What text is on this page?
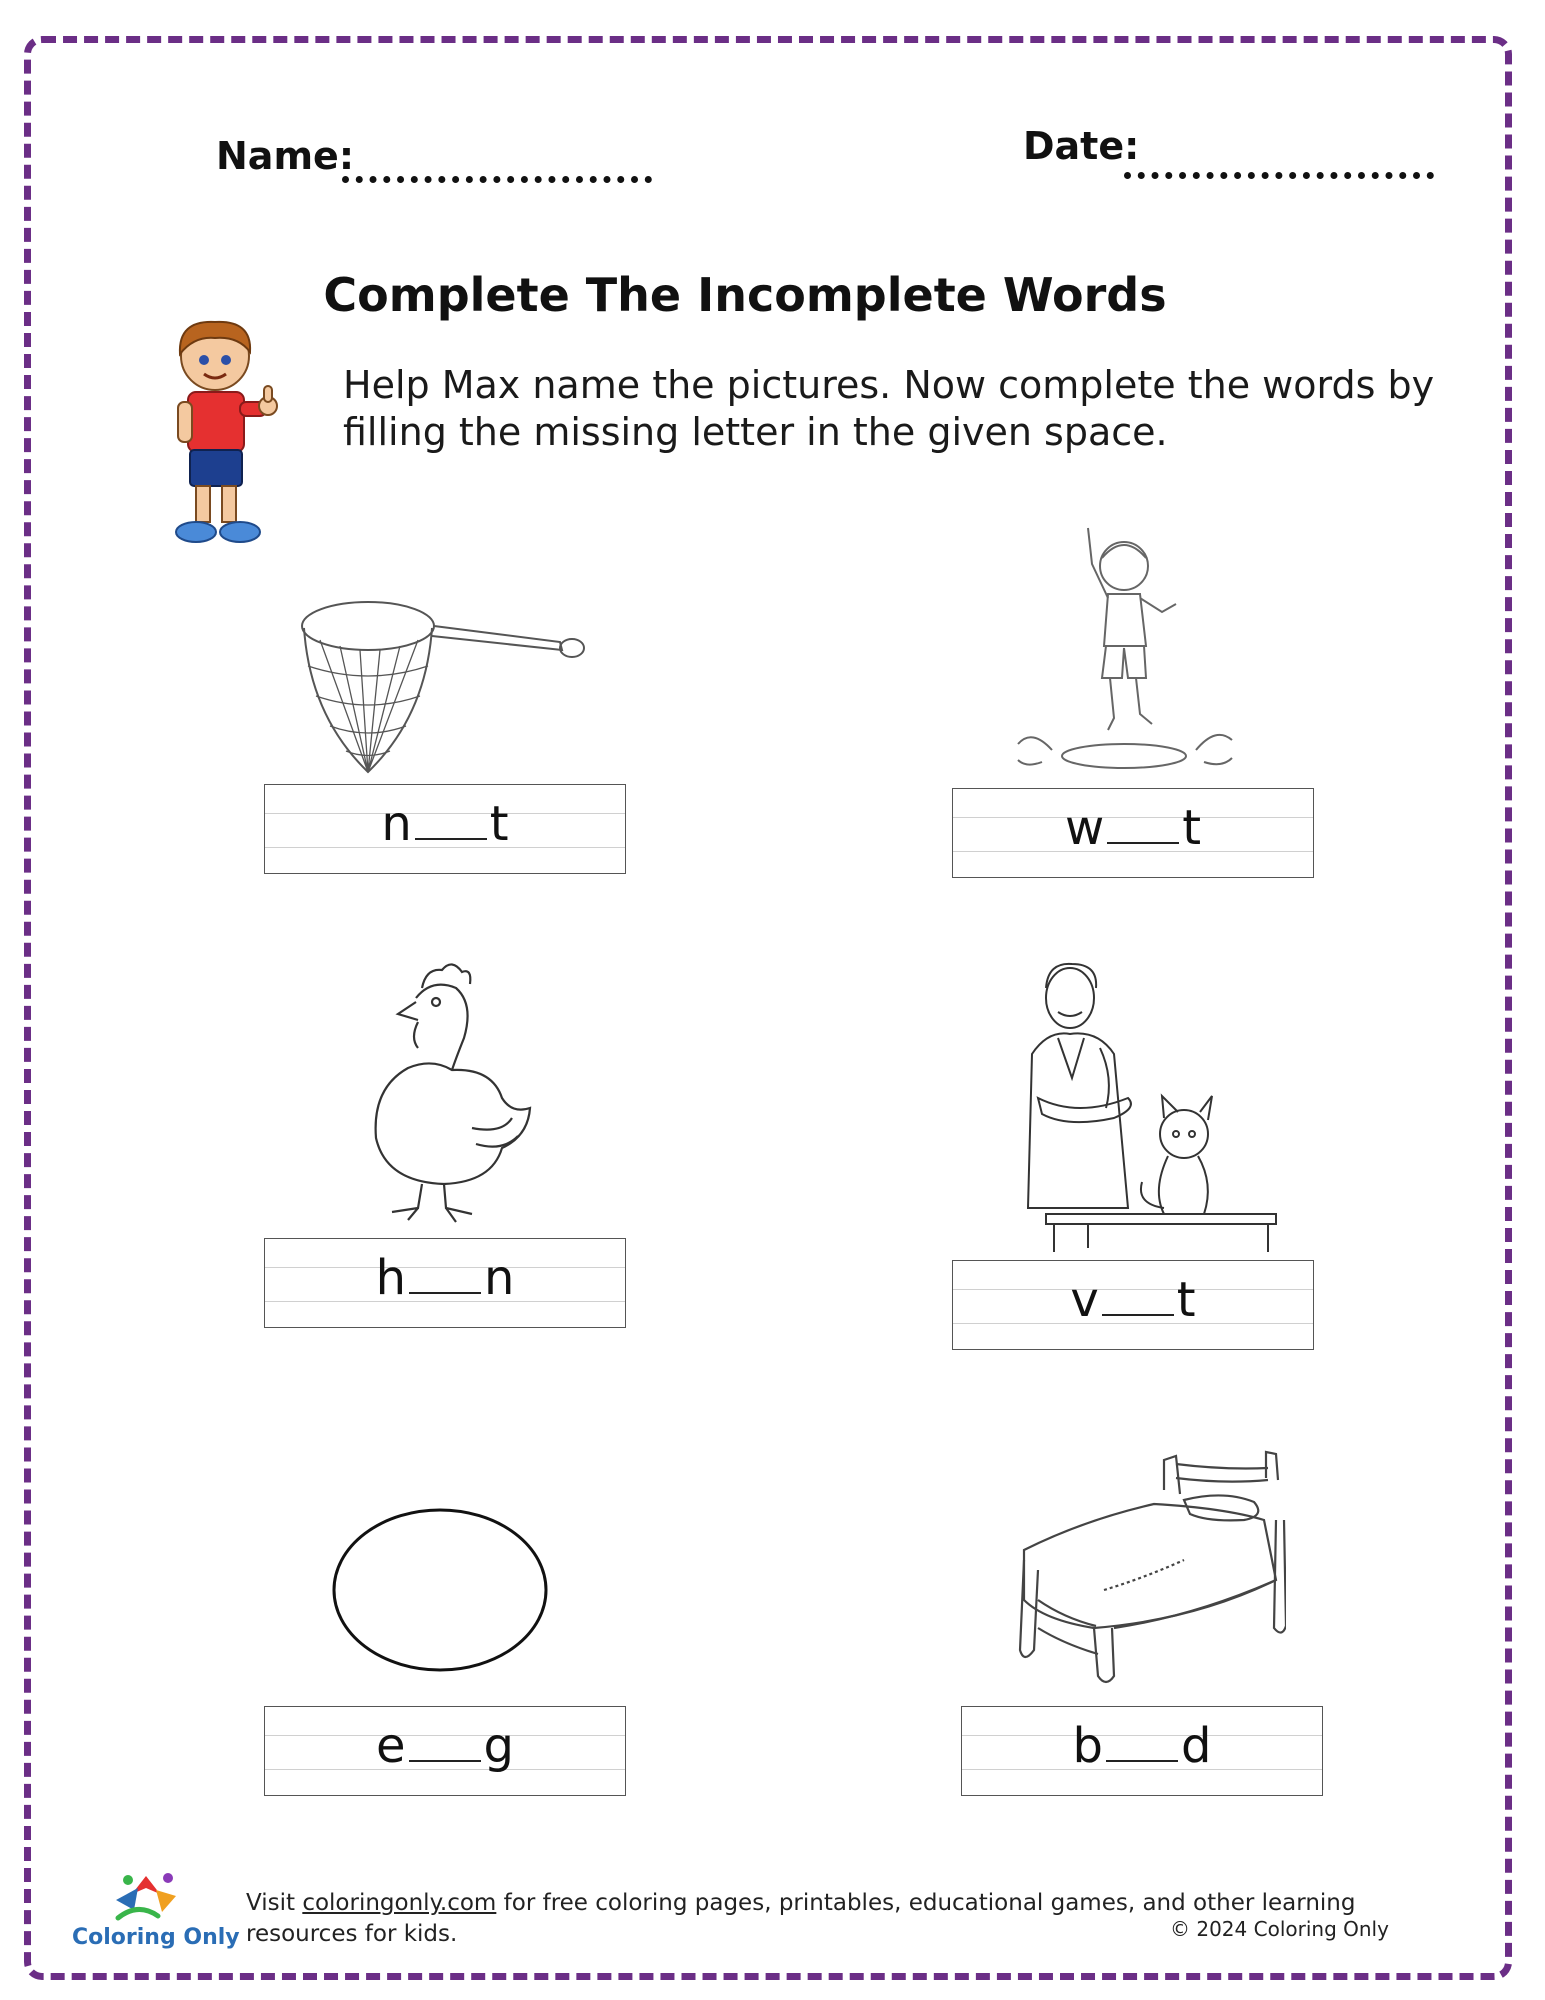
Name:	Date:
Complete The Incomplete Words
Help Max name the pictures. Now complete the words by filling the missing letter in the given space.
n t	w t
h n	v t
e g	b d
Coloring Only
Visit coloringonly.com for free coloring pages, printables, educational games, and other learning resources for kids.	© 2024 Coloring Only
